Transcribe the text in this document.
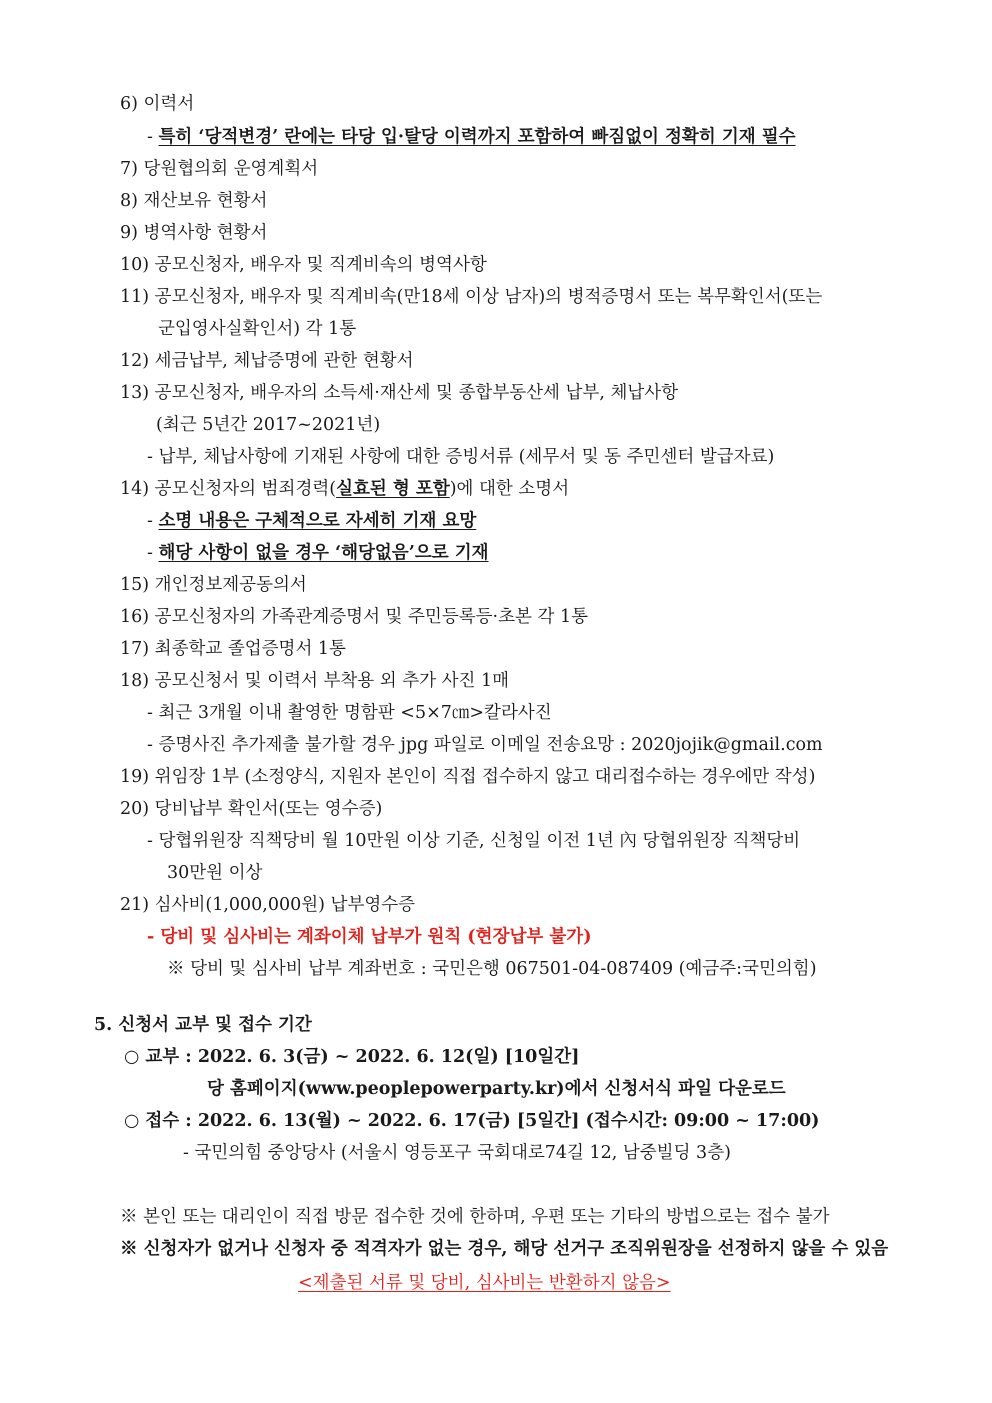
6) 이력서
- 특히 ‘당적변경’ 란에는 타당 입·탈당 이력까지 포함하여 빠짐없이 정확히 기재 필수
7) 당원협의회 운영계획서
8) 재산보유 현황서
9) 병역사항 현황서
10) 공모신청자, 배우자 및 직계비속의 병역사항
11) 공모신청자, 배우자 및 직계비속(만18세 이상 남자)의 병적증명서 또는 복무확인서(또는
군입영사실확인서) 각 1통
12) 세금납부, 체납증명에 관한 현황서
13) 공모신청자, 배우자의 소득세·재산세 및 종합부동산세 납부, 체납사항
(최근 5년간 2017~2021년)
- 납부, 체납사항에 기재된 사항에 대한 증빙서류 (세무서 및 동 주민센터 발급자료)
14) 공모신청자의 범죄경력(실효된 형 포함)에 대한 소명서
- 소명 내용은 구체적으로 자세히 기재 요망
- 해당 사항이 없을 경우 ‘해당없음’으로 기재
15) 개인정보제공동의서
16) 공모신청자의 가족관계증명서 및 주민등록등·초본 각 1통
17) 최종학교 졸업증명서 1통
18) 공모신청서 및 이력서 부착용 외 추가 사진 1매
- 최근 3개월 이내 촬영한 명함판 <5×7㎝>칼라사진
- 증명사진 추가제출 불가할 경우 jpg 파일로 이메일 전송요망 : 2020jojik@gmail.com
19) 위임장 1부 (소정양식, 지원자 본인이 직접 접수하지 않고 대리접수하는 경우에만 작성)
20) 당비납부 확인서(또는 영수증)
- 당협위원장 직책당비 월 10만원 이상 기준, 신청일 이전 1년 內 당협위원장 직책당비
30만원 이상
21) 심사비(1,000,000원) 납부영수증
- 당비 및 심사비는 계좌이체 납부가 원칙 (현장납부 불가)
※ 당비 및 심사비 납부 계좌번호 : 국민은행 067501-04-087409 (예금주:국민의힘)
5. 신청서 교부 및 접수 기간
○ 교부 : 2022. 6. 3(금) ~ 2022. 6. 12(일) [10일간]
당 홈페이지(www.peoplepowerparty.kr)에서 신청서식 파일 다운로드
○ 접수 : 2022. 6. 13(월) ~ 2022. 6. 17(금) [5일간] (접수시간: 09:00 ~ 17:00)
- 국민의힘 중앙당사 (서울시 영등포구 국회대로74길 12, 남중빌딩 3층)
※ 본인 또는 대리인이 직접 방문 접수한 것에 한하며, 우편 또는 기타의 방법으로는 접수 불가
※ 신청자가 없거나 신청자 중 적격자가 없는 경우, 해당 선거구 조직위원장을 선정하지 않을 수 있음
<제출된 서류 및 당비, 심사비는 반환하지 않음>
